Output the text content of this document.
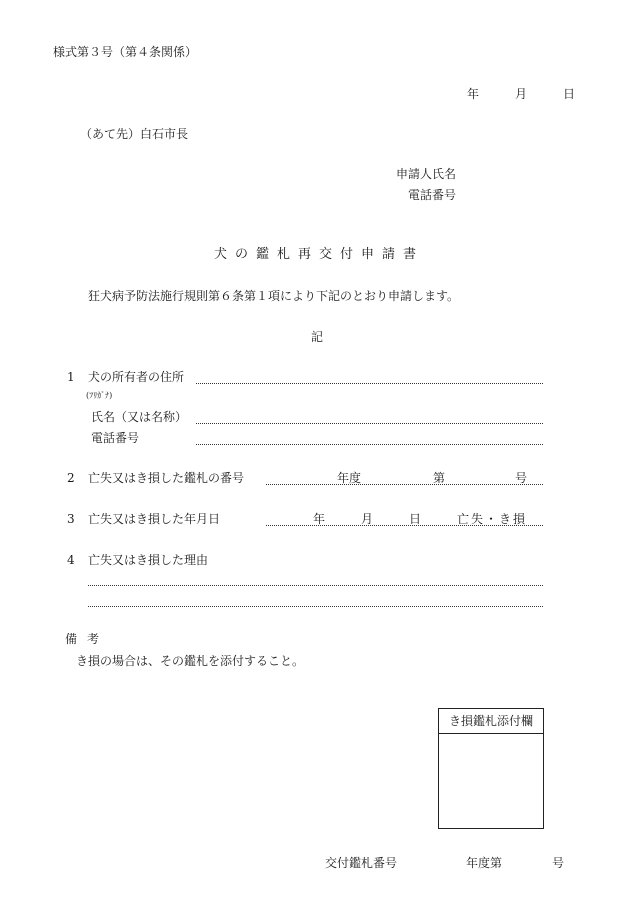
様式第３号（第４条関係）
年	月	日
（あて先）白石市長
申請人氏名
電話番号
犬の鑑札再交付申請書
狂犬病予防法施行規則第６条第１項により下記のとおり申請します。
記
1 犬の所有者の住所
(ﾌﾘｶﾞﾅ)
氏名（又は名称）
電話番号
2 亡失又はき損した鑑札の番号	年度	第	号
3 亡失又はき損した年月日	年	月	日	亡失・き損
4 亡失又はき損した理由
備考
き損の場合は、その鑑札を添付すること。
き損鑑札添付欄
交付鑑札番号	年度第	号
